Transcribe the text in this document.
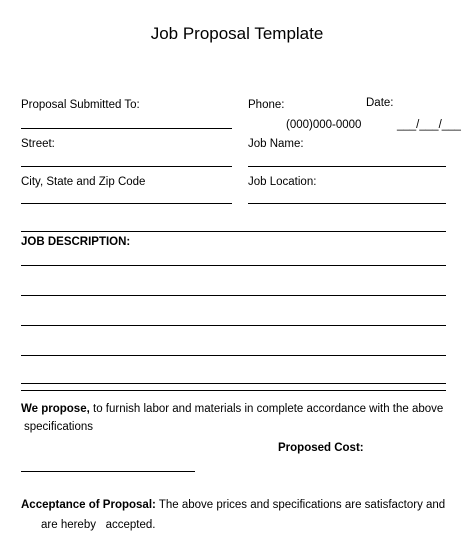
Job Proposal Template
Proposal Submitted To:	Phone:	Date:
(000)000-0000	___/___/___
Street:	Job Name:
City, State and Zip Code	Job Location:
JOB DESCRIPTION:
We propose, to furnish labor and materials in complete accordance with the above
specifications
Proposed Cost:
Acceptance of Proposal: The above prices and specifications are satisfactory and
are hereby   accepted.
